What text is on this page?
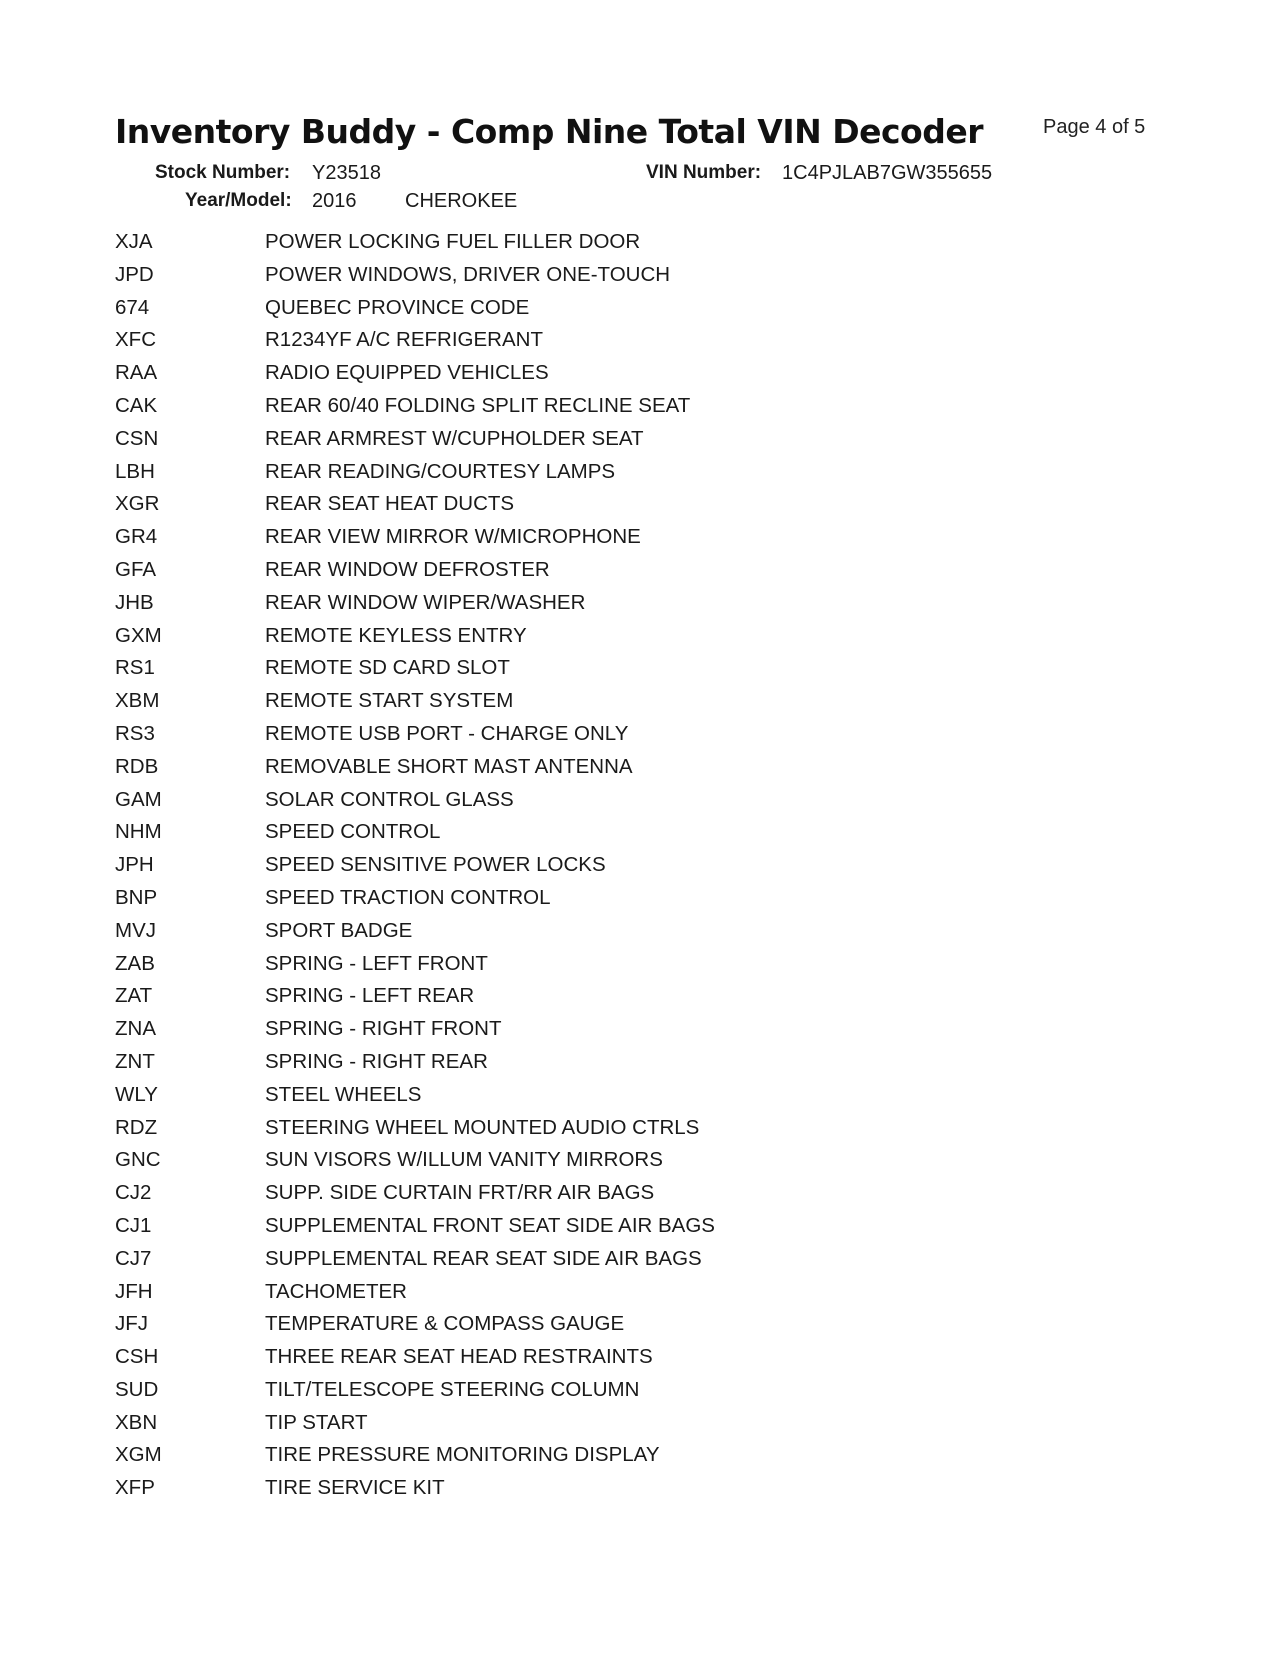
Inventory Buddy - Comp Nine Total VIN Decoder	Page 4 of 5
Stock Number: Y23518	VIN Number: 1C4PJLAB7GW355655
Year/Model: 2016 CHEROKEE
XJA	POWER LOCKING FUEL FILLER DOOR
JPD	POWER WINDOWS, DRIVER ONE-TOUCH
674	QUEBEC PROVINCE CODE
XFC	R1234YF A/C REFRIGERANT
RAA	RADIO EQUIPPED VEHICLES
CAK	REAR 60/40 FOLDING SPLIT RECLINE SEAT
CSN	REAR ARMREST W/CUPHOLDER SEAT
LBH	REAR READING/COURTESY LAMPS
XGR	REAR SEAT HEAT DUCTS
GR4	REAR VIEW MIRROR W/MICROPHONE
GFA	REAR WINDOW DEFROSTER
JHB	REAR WINDOW WIPER/WASHER
GXM	REMOTE KEYLESS ENTRY
RS1	REMOTE SD CARD SLOT
XBM	REMOTE START SYSTEM
RS3	REMOTE USB PORT - CHARGE ONLY
RDB	REMOVABLE SHORT MAST ANTENNA
GAM	SOLAR CONTROL GLASS
NHM	SPEED CONTROL
JPH	SPEED SENSITIVE POWER LOCKS
BNP	SPEED TRACTION CONTROL
MVJ	SPORT BADGE
ZAB	SPRING - LEFT FRONT
ZAT	SPRING - LEFT REAR
ZNA	SPRING - RIGHT FRONT
ZNT	SPRING - RIGHT REAR
WLY	STEEL WHEELS
RDZ	STEERING WHEEL MOUNTED AUDIO CTRLS
GNC	SUN VISORS W/ILLUM VANITY MIRRORS
CJ2	SUPP. SIDE CURTAIN FRT/RR AIR BAGS
CJ1	SUPPLEMENTAL FRONT SEAT SIDE AIR BAGS
CJ7	SUPPLEMENTAL REAR SEAT SIDE AIR BAGS
JFH	TACHOMETER
JFJ	TEMPERATURE & COMPASS GAUGE
CSH	THREE REAR SEAT HEAD RESTRAINTS
SUD	TILT/TELESCOPE STEERING COLUMN
XBN	TIP START
XGM	TIRE PRESSURE MONITORING DISPLAY
XFP	TIRE SERVICE KIT
